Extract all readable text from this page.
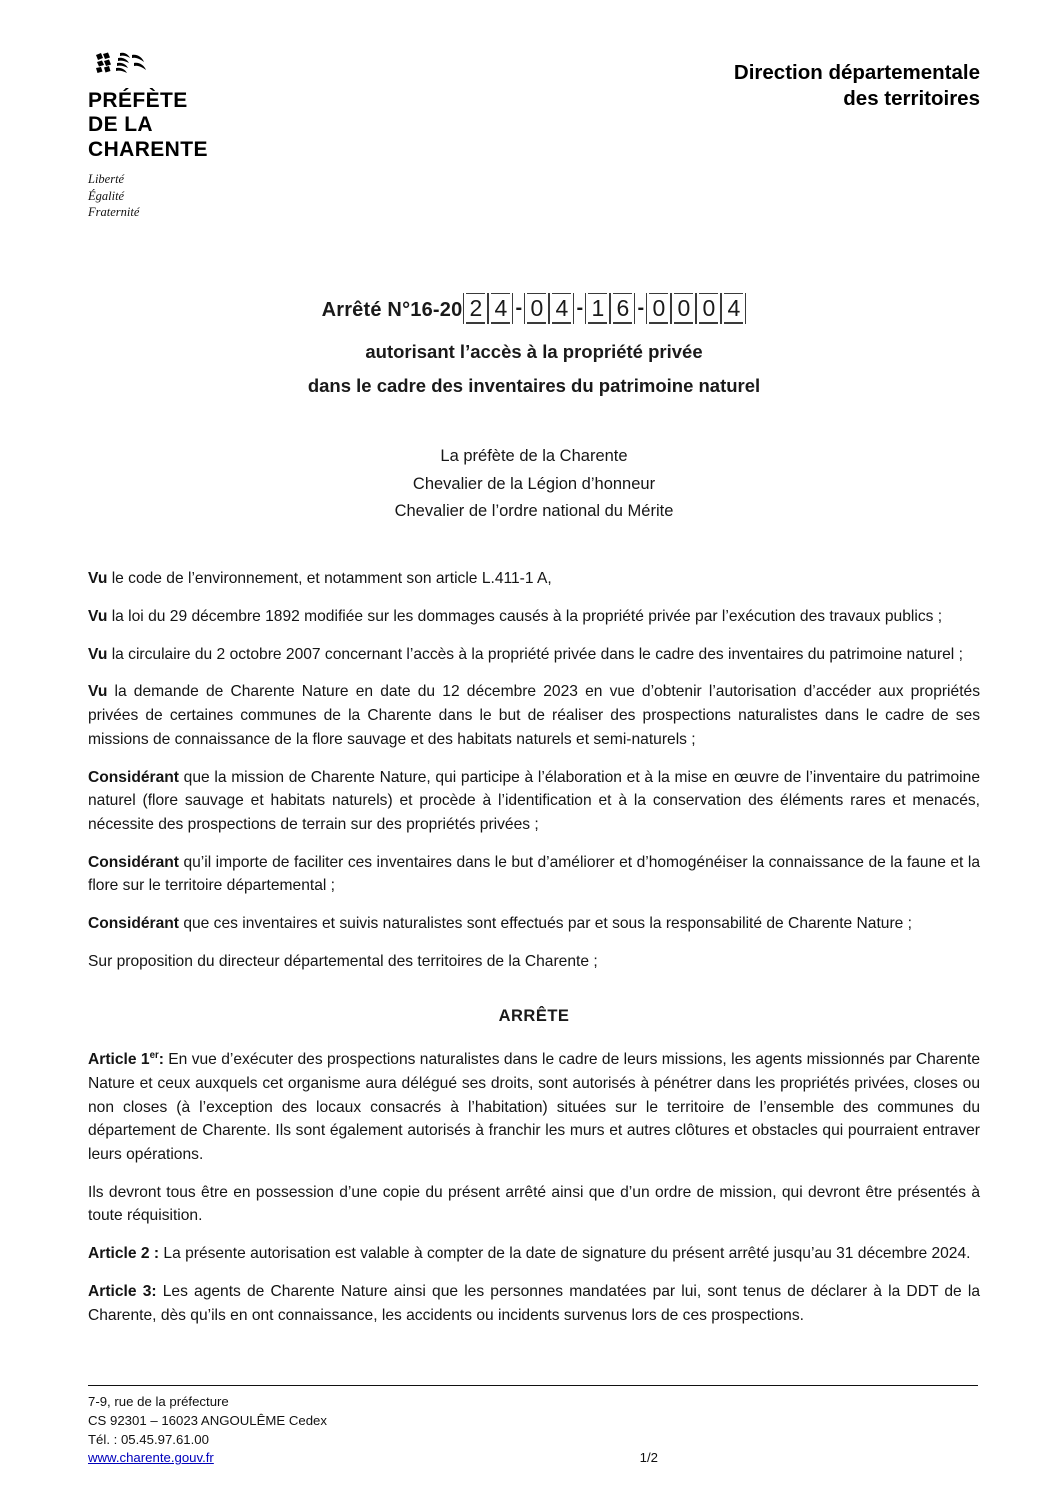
PRÉFÈTE
DE LA
CHARENTE
Liberté
Égalité
Fraternité
Direction départementale
des territoires
Arrêté N°16-20 2 4 - 0 4 - 1 6 - 0 0 0 4
autorisant l’accès à la propriété privée
dans le cadre des inventaires du patrimoine naturel
La préfète de la Charente
Chevalier de la Légion d’honneur
Chevalier de l’ordre national du Mérite
Vu le code de l’environnement, et notamment son article L.411-1 A,
Vu la loi du 29 décembre 1892 modifiée sur les dommages causés à la propriété privée par l’exécution des travaux publics ;
Vu la circulaire du 2 octobre 2007 concernant l’accès à la propriété privée dans le cadre des inventaires du patrimoine naturel ;
Vu la demande de Charente Nature en date du 12 décembre 2023 en vue d’obtenir l’autorisation d’accéder aux propriétés privées de certaines communes de la Charente dans le but de réaliser des prospections naturalistes dans le cadre de ses missions de connaissance de la flore sauvage et des habitats naturels et semi-naturels ;
Considérant que la mission de Charente Nature, qui participe à l’élaboration et à la mise en œuvre de l’inventaire du patrimoine naturel (flore sauvage et habitats naturels) et procède à l’identification et à la conservation des éléments rares et menacés, nécessite des prospections de terrain sur des propriétés privées ;
Considérant qu’il importe de faciliter ces inventaires dans le but d’améliorer et d’homogénéiser la connaissance de la faune et la flore sur le territoire départemental ;
Considérant que ces inventaires et suivis naturalistes sont effectués par et sous la responsabilité de Charente Nature ;
Sur proposition du directeur départemental des territoires de la Charente ;
ARRÊTE
Article 1er: En vue d’exécuter des prospections naturalistes dans le cadre de leurs missions, les agents missionnés par Charente Nature et ceux auxquels cet organisme aura délégué ses droits, sont autorisés à pénétrer dans les propriétés privées, closes ou non closes (à l’exception des locaux consacrés à l’habitation) situées sur le territoire de l’ensemble des communes du département de Charente. Ils sont également autorisés à franchir les murs et autres clôtures et obstacles qui pourraient entraver leurs opérations.
Ils devront tous être en possession d’une copie du présent arrêté ainsi que d’un ordre de mission, qui devront être présentés à toute réquisition.
Article 2 : La présente autorisation est valable à compter de la date de signature du présent arrêté jusqu’au 31 décembre 2024.
Article 3: Les agents de Charente Nature ainsi que les personnes mandatées par lui, sont tenus de déclarer à la DDT de la Charente, dès qu’ils en ont connaissance, les accidents ou incidents survenus lors de ces prospections.
7-9, rue de la préfecture
CS 92301 – 16023 ANGOULÊME Cedex
Tél. : 05.45.97.61.00
www.charente.gouv.fr	1/2
